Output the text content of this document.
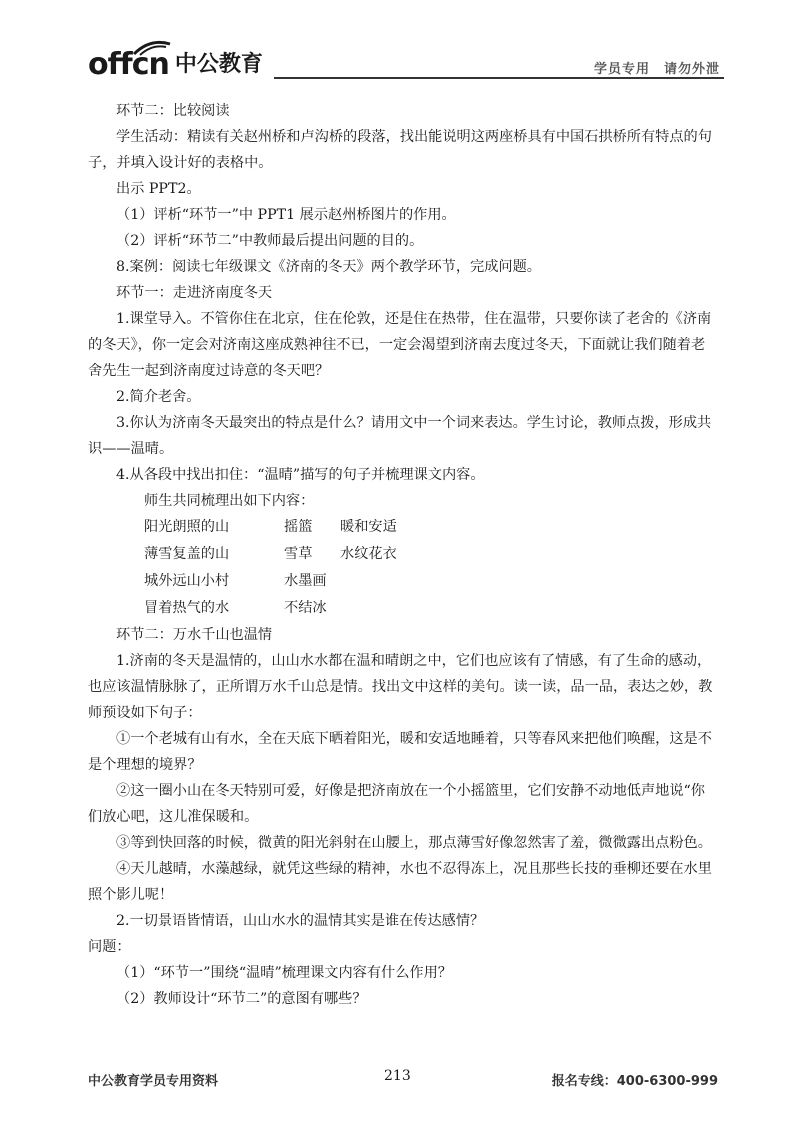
offcn 中公教育	学员专用 请勿外泄

环节二：比较阅读

学生活动：精读有关赵州桥和卢沟桥的段落，找出能说明这两座桥具有中国石拱桥所有特点的句子，并填入设计好的表格中。

出示 PPT2。

（1）评析“环节一”中 PPT1 展示赵州桥图片的作用。

（2）评析“环节二”中教师最后提出问题的目的。

8.案例：阅读七年级课文《济南的冬天》两个教学环节，完成问题。

环节一：走进济南度冬天

1.课堂导入。不管你住在北京，住在伦敦，还是住在热带，住在温带，只要你读了老舍的《济南的冬天》，你一定会对济南这座成熟神往不已，一定会渴望到济南去度过冬天，下面就让我们随着老舍先生一起到济南度过诗意的冬天吧？

2.简介老舍。

3.你认为济南冬天最突出的特点是什么？请用文中一个词来表达。学生讨论，教师点拨，形成共识——温晴。

4.从各段中找出扣住：“温晴”描写的句子并梳理课文内容。

师生共同梳理出如下内容：

阳光朗照的山	摇篮	暖和安适
薄雪复盖的山	雪草	水纹花衣
城外远山小村	水墨画
冒着热气的水	不结冰

环节二：万水千山也温情

1.济南的冬天是温情的，山山水水都在温和晴朗之中，它们也应该有了情感，有了生命的感动，也应该温情脉脉了，正所谓万水千山总是情。找出文中这样的美句。读一读，品一品，表达之妙，教师预设如下句子：

①一个老城有山有水，全在天底下晒着阳光，暖和安适地睡着，只等春风来把他们唤醒，这是不是个理想的境界？

②这一圈小山在冬天特别可爱，好像是把济南放在一个小摇篮里，它们安静不动地低声地说“你们放心吧，这儿准保暖和。

③等到快回落的时候，微黄的阳光斜射在山腰上，那点薄雪好像忽然害了羞，微微露出点粉色。

④天儿越晴，水藻越绿，就凭这些绿的精神，水也不忍得冻上，况且那些长技的垂柳还要在水里照个影儿呢！

2.一切景语皆情语，山山水水的温情其实是谁在传达感情？

问题：

（1）“环节一”围绕“温晴”梳理课文内容有什么作用？

（2）教师设计“环节二”的意图有哪些？

中公教育学员专用资料	213	报名专线：400-6300-999
